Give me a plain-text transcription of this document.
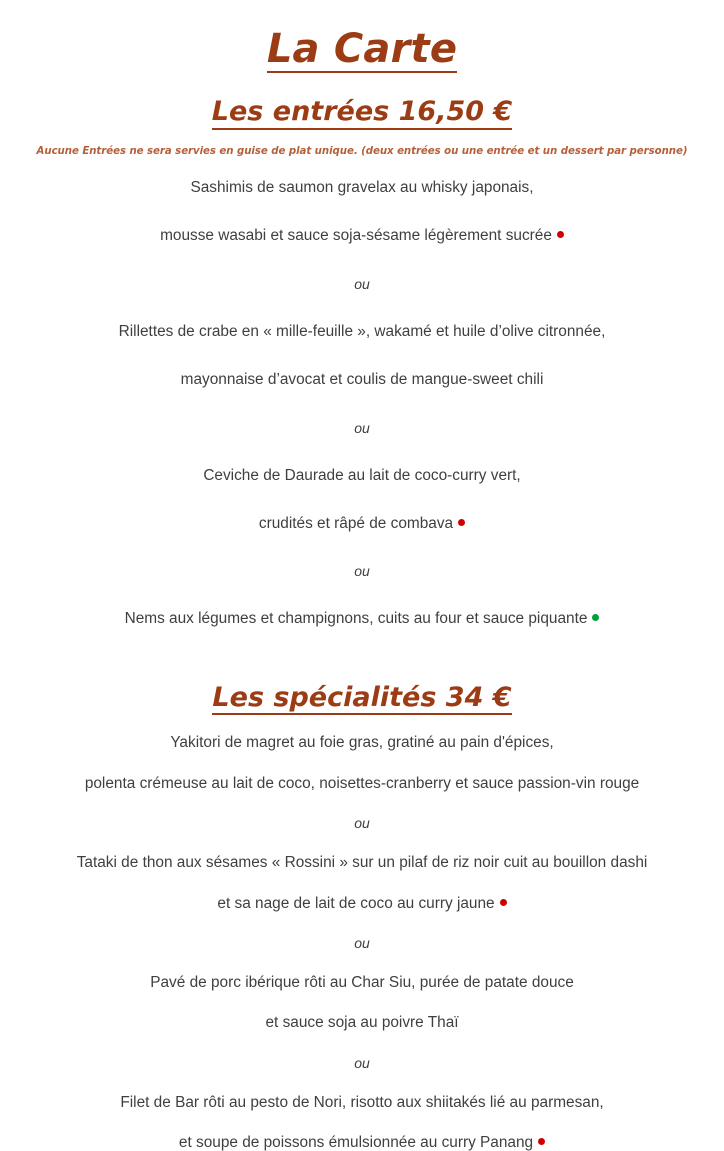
La Carte
Les entrées 16,50 €

Aucune Entrées ne sera servies en guise de plat unique. (deux entrées ou une entrée et un dessert par personne)

Sashimis de saumon gravelax au whisky japonais,
mousse wasabi et sauce soja-sésame légèrement sucrée
ou
Rillettes de crabe en « mille-feuille », wakamé et huile d’olive citronnée,
mayonnaise d’avocat et coulis de mangue-sweet chili
ou
Ceviche de Daurade au lait de coco-curry vert,
crudités et râpé de combava
ou
Nems aux légumes et champignons, cuits au four et sauce piquante
Les spécialités 34 €
Yakitori de magret au foie gras, gratiné au pain d'épices,
polenta crémeuse au lait de coco, noisettes-cranberry et sauce passion-vin rouge
ou
Tataki de thon aux sésames « Rossini » sur un pilaf de riz noir cuit au bouillon dashi
et sa nage de lait de coco au curry jaune
ou
Pavé de porc ibérique rôti au Char Siu, purée de patate douce
et sauce soja au poivre Thaï
ou
Filet de Bar rôti au pesto de Nori, risotto aux shiitakés lié au parmesan,
et soupe de poissons émulsionnée au curry Panang
